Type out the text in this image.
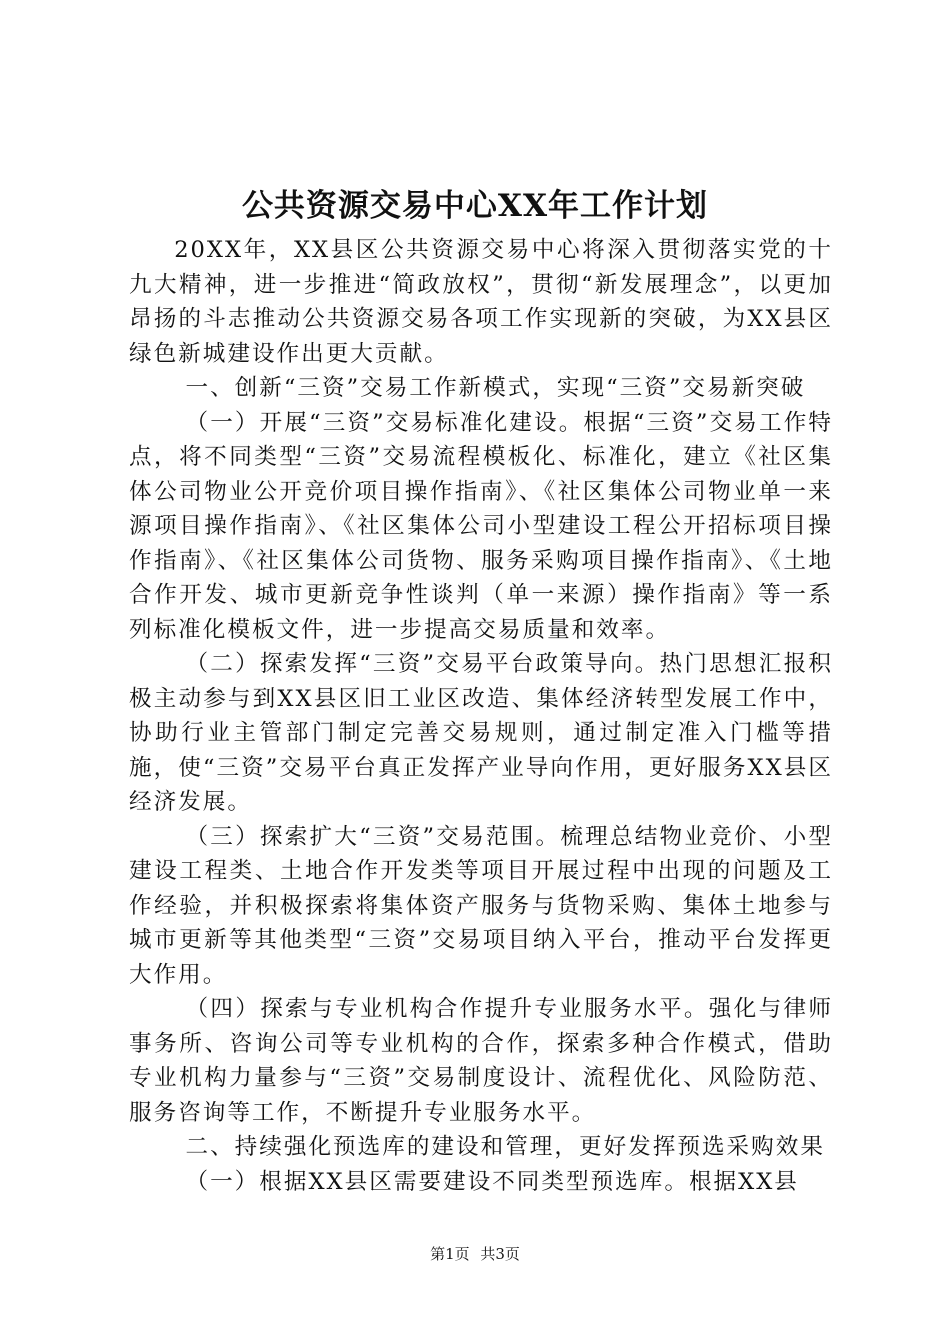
公共资源交易中心XX年工作计划

20XX年，XX县区公共资源交易中心将深入贯彻落实党的十九大精神，进一步推进“简政放权”，贯彻“新发展理念”，以更加昂扬的斗志推动公共资源交易各项工作实现新的突破，为XX县区绿色新城建设作出更大贡献。

一、创新“三资”交易工作新模式，实现“三资”交易新突破

（一）开展“三资”交易标准化建设。根据“三资”交易工作特点，将不同类型“三资”交易流程模板化、标准化，建立《社区集体公司物业公开竞价项目操作指南》、《社区集体公司物业单一来源项目操作指南》、《社区集体公司小型建设工程公开招标项目操作指南》、《社区集体公司货物、服务采购项目操作指南》、《土地合作开发、城市更新竞争性谈判（单一来源）操作指南》等一系列标准化模板文件，进一步提高交易质量和效率。

（二）探索发挥“三资”交易平台政策导向。热门思想汇报积极主动参与到XX县区旧工业区改造、集体经济转型发展工作中，协助行业主管部门制定完善交易规则，通过制定准入门槛等措施，使“三资”交易平台真正发挥产业导向作用，更好服务XX县区经济发展。

（三）探索扩大“三资”交易范围。梳理总结物业竞价、小型建设工程类、土地合作开发类等项目开展过程中出现的问题及工作经验，并积极探索将集体资产服务与货物采购、集体土地参与城市更新等其他类型“三资”交易项目纳入平台，推动平台发挥更大作用。

（四）探索与专业机构合作提升专业服务水平。强化与律师事务所、咨询公司等专业机构的合作，探索多种合作模式，借助专业机构力量参与“三资”交易制度设计、流程优化、风险防范、服务咨询等工作，不断提升专业服务水平。

二、持续强化预选库的建设和管理，更好发挥预选采购效果

（一）根据XX县区需要建设不同类型预选库。根据XX县

第1页 共3页
